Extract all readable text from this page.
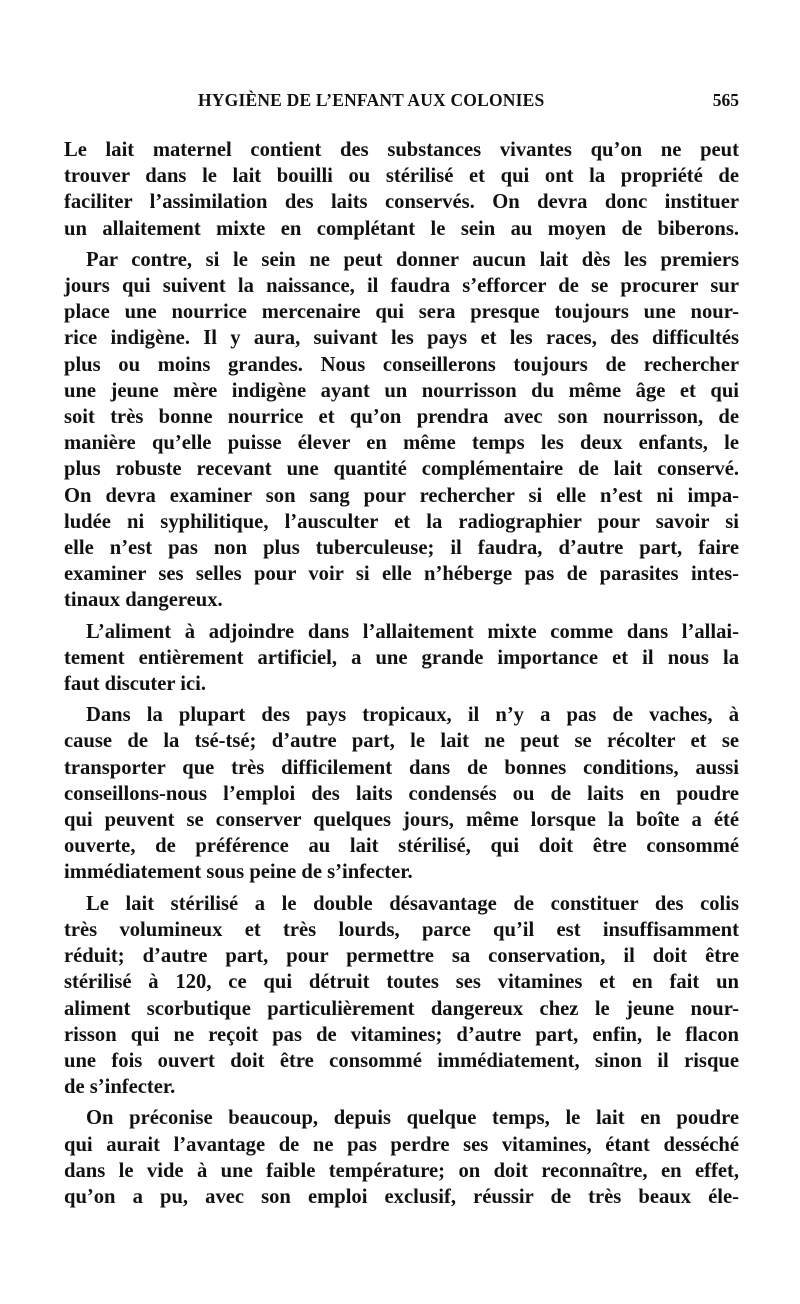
HYGIÈNE DE L’ENFANT AUX COLONIES	565
Le lait maternel contient des substances vivantes qu’on ne peut
trouver dans le lait bouilli ou stérilisé et qui ont la propriété de
faciliter l’assimilation des laits conservés. On devra donc instituer
un allaitement mixte en complétant le sein au moyen de biberons.
Par contre, si le sein ne peut donner aucun lait dès les premiers
jours qui suivent la naissance, il faudra s’efforcer de se procurer sur
place une nourrice mercenaire qui sera presque toujours une nour-
rice indigène. Il y aura, suivant les pays et les races, des difficultés
plus ou moins grandes. Nous conseillerons toujours de rechercher
une jeune mère indigène ayant un nourrisson du même âge et qui
soit très bonne nourrice et qu’on prendra avec son nourrisson, de
manière qu’elle puisse élever en même temps les deux enfants, le
plus robuste recevant une quantité complémentaire de lait conservé.
On devra examiner son sang pour rechercher si elle n’est ni impa-
ludée ni syphilitique, l’ausculter et la radiographier pour savoir si
elle n’est pas non plus tuberculeuse; il faudra, d’autre part, faire
examiner ses selles pour voir si elle n’héberge pas de parasites intes-
tinaux dangereux.
L’aliment à adjoindre dans l’allaitement mixte comme dans l’allai-
tement entièrement artificiel, a une grande importance et il nous la
faut discuter ici.
Dans la plupart des pays tropicaux, il n’y a pas de vaches, à
cause de la tsé-tsé; d’autre part, le lait ne peut se récolter et se
transporter que très difficilement dans de bonnes conditions, aussi
conseillons-nous l’emploi des laits condensés ou de laits en poudre
qui peuvent se conserver quelques jours, même lorsque la boîte a été
ouverte, de préférence au lait stérilisé, qui doit être consommé
immédiatement sous peine de s’infecter.
Le lait stérilisé a le double désavantage de constituer des colis
très volumineux et très lourds, parce qu’il est insuffisamment
réduit; d’autre part, pour permettre sa conservation, il doit être
stérilisé à 120, ce qui détruit toutes ses vitamines et en fait un
aliment scorbutique particulièrement dangereux chez le jeune nour-
risson qui ne reçoit pas de vitamines; d’autre part, enfin, le flacon
une fois ouvert doit être consommé immédiatement, sinon il risque
de s’infecter.
On préconise beaucoup, depuis quelque temps, le lait en poudre
qui aurait l’avantage de ne pas perdre ses vitamines, étant desséché
dans le vide à une faible température; on doit reconnaître, en effet,
qu’on a pu, avec son emploi exclusif, réussir de très beaux éle-
